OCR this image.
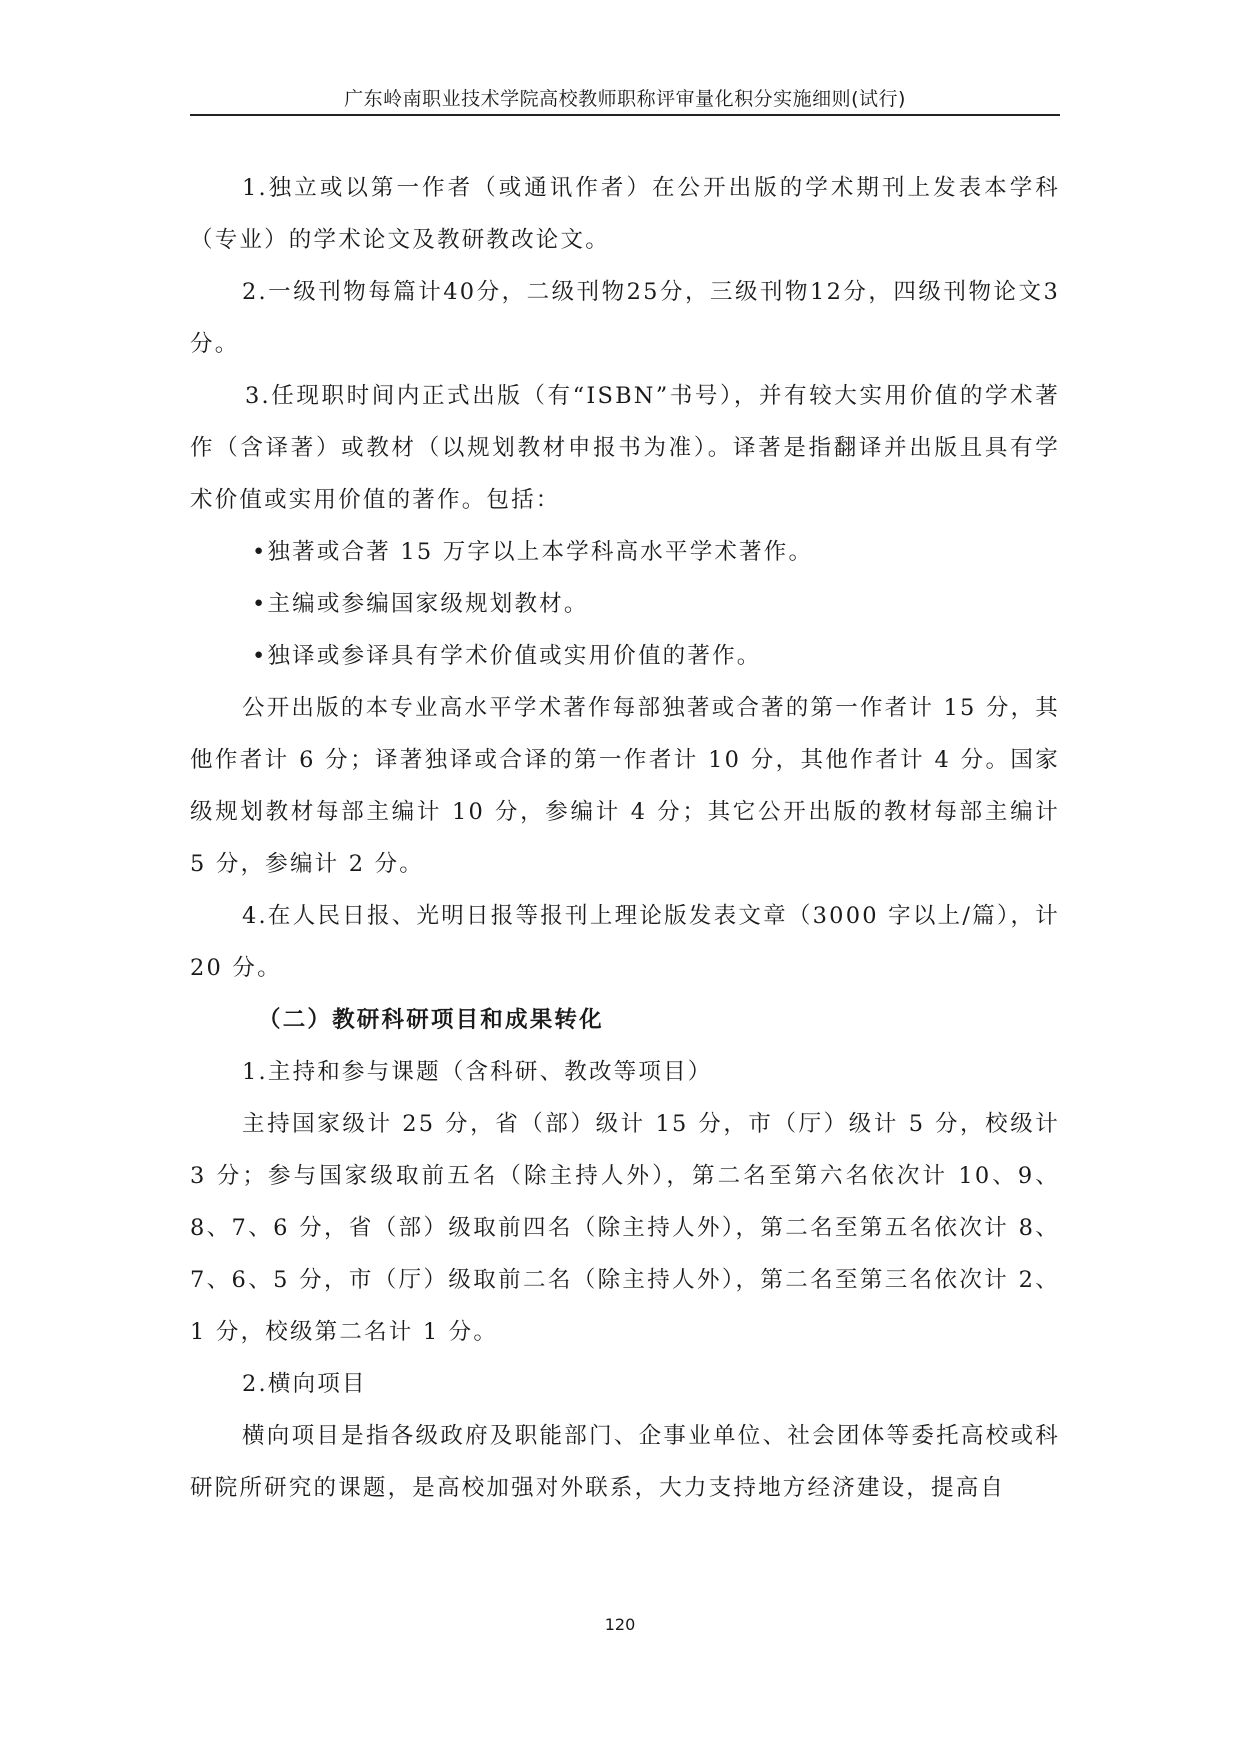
广东岭南职业技术学院高校教师职称评审量化积分实施细则(试行)

1.独立或以第一作者（或通讯作者）在公开出版的学术期刊上发表本学科（专业）的学术论文及教研教改论文。

2.一级刊物每篇计40分，二级刊物25分，三级刊物12分，四级刊物论文3分。

3.任现职时间内正式出版（有“ISBN”书号），并有较大实用价值的学术著作（含译著）或教材（以规划教材申报书为准）。译著是指翻译并出版且具有学术价值或实用价值的著作。包括：

•独著或合著 15 万字以上本学科高水平学术著作。

•主编或参编国家级规划教材。

•独译或参译具有学术价值或实用价值的著作。

公开出版的本专业高水平学术著作每部独著或合著的第一作者计 15 分，其他作者计 6 分；译著独译或合译的第一作者计 10 分，其他作者计 4 分。国家级规划教材每部主编计 10 分，参编计 4 分；其它公开出版的教材每部主编计 5 分，参编计 2 分。

4.在人民日报、光明日报等报刊上理论版发表文章（3000 字以上/篇），计 20 分。

（二）教研科研项目和成果转化

1.主持和参与课题（含科研、教改等项目）

主持国家级计 25 分，省（部）级计 15 分，市（厅）级计 5 分，校级计 3 分；参与国家级取前五名（除主持人外），第二名至第六名依次计 10、9、8、7、6 分，省（部）级取前四名（除主持人外），第二名至第五名依次计 8、7、6、5 分，市（厅）级取前二名（除主持人外），第二名至第三名依次计 2、1 分，校级第二名计 1 分。

2.横向项目

横向项目是指各级政府及职能部门、企事业单位、社会团体等委托高校或科研院所研究的课题，是高校加强对外联系，大力支持地方经济建设，提高自

120
